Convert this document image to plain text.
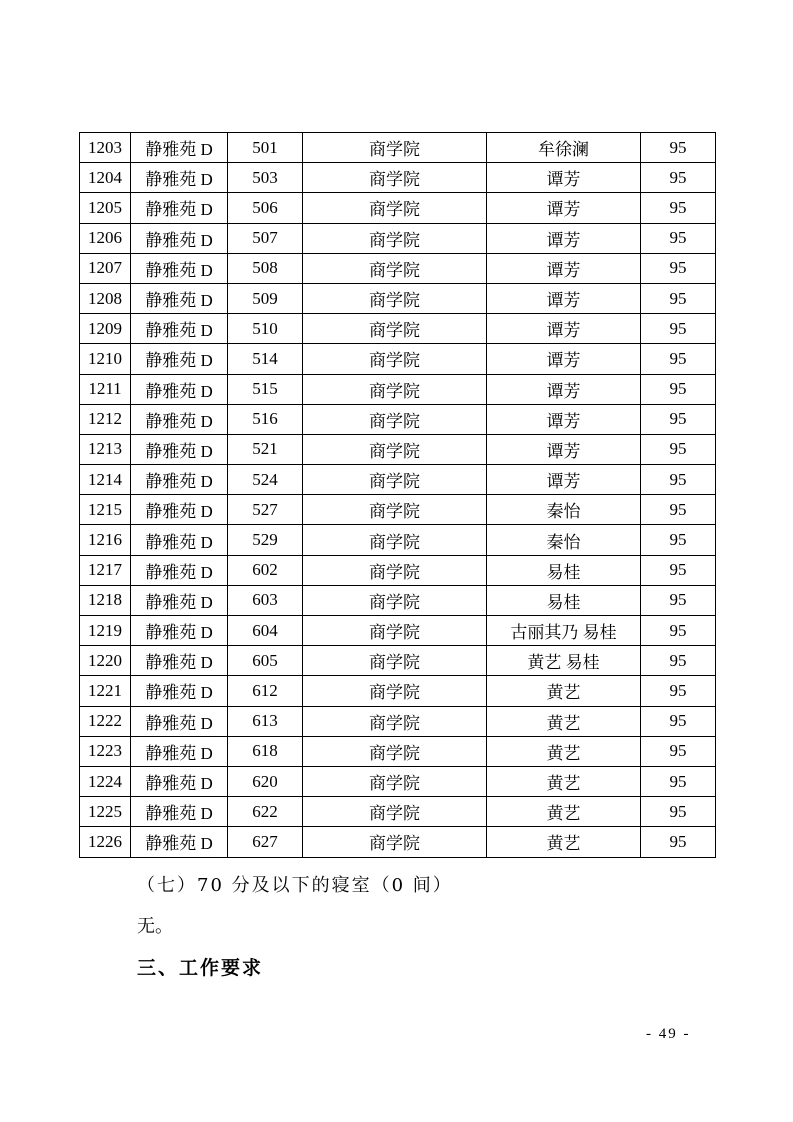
1203	静雅苑 D	501	商学院	牟徐澜	95
1204	静雅苑 D	503	商学院	谭芳	95
1205	静雅苑 D	506	商学院	谭芳	95
1206	静雅苑 D	507	商学院	谭芳	95
1207	静雅苑 D	508	商学院	谭芳	95
1208	静雅苑 D	509	商学院	谭芳	95
1209	静雅苑 D	510	商学院	谭芳	95
1210	静雅苑 D	514	商学院	谭芳	95
1211	静雅苑 D	515	商学院	谭芳	95
1212	静雅苑 D	516	商学院	谭芳	95
1213	静雅苑 D	521	商学院	谭芳	95
1214	静雅苑 D	524	商学院	谭芳	95
1215	静雅苑 D	527	商学院	秦怡	95
1216	静雅苑 D	529	商学院	秦怡	95
1217	静雅苑 D	602	商学院	易桂	95
1218	静雅苑 D	603	商学院	易桂	95
1219	静雅苑 D	604	商学院	古丽其乃 易桂	95
1220	静雅苑 D	605	商学院	黄艺 易桂	95
1221	静雅苑 D	612	商学院	黄艺	95
1222	静雅苑 D	613	商学院	黄艺	95
1223	静雅苑 D	618	商学院	黄艺	95
1224	静雅苑 D	620	商学院	黄艺	95
1225	静雅苑 D	622	商学院	黄艺	95
1226	静雅苑 D	627	商学院	黄艺	95
（七）70 分及以下的寝室（0 间）
无。
三、工作要求
- 49 -
